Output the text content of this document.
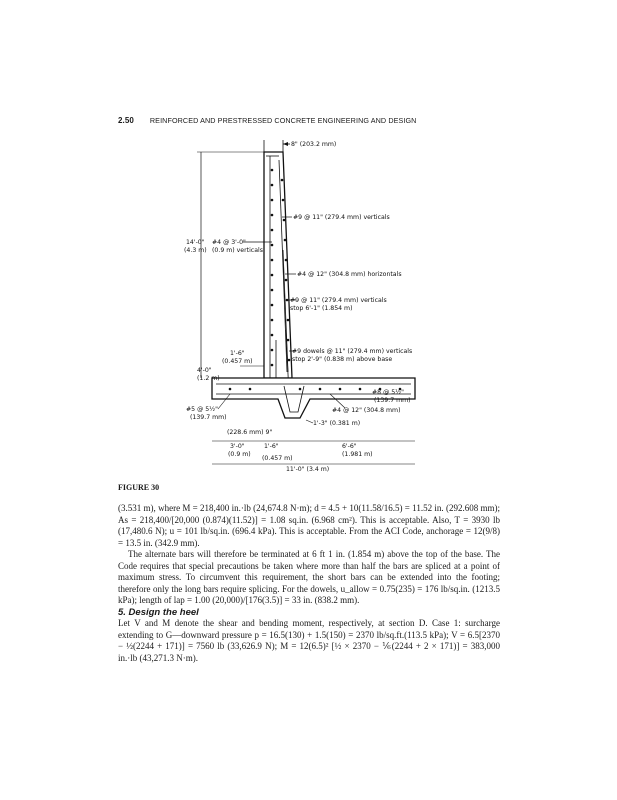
2.50 REINFORCED AND PRESTRESSED CONCRETE ENGINEERING AND DESIGN
8" (203.2 mm)
#9 @ 11" (279.4 mm) verticals
14'-0"
(4.3 m)
#4 @ 3'-0"
(0.9 m) verticals
#4 @ 12" (304.8 mm) horizontals
#9 @ 11" (279.4 mm) verticals
stop 6'-1" (1.854 m)
#9 dowels @ 11" (279.4 mm) verticals
stop 2'-9" (0.838 m) above base
1'-6"
(0.457 m)
4'-0"
(1.2 m)
#8 @ 5½"
(139.7 mm)
#5 @ 5½"
(139.7 mm)
#4 @ 12" (304.8 mm)
(228.6 mm) 9"
1'-3" (0.381 m)
3'-0"	1'-6"	6'-6"
(0.9 m)
(0.457 m)
(1.981 m)
11'-0" (3.4 m)
FIGURE 30

(3.531 m), where M = 218,400 in.·lb (24,674.8 N·m); d = 4.5 + 10(11.58/16.5) = 11.52 in. (292.608 mm); As = 218,400/[20,000 (0.874)(11.52)] = 1.08 sq.in. (6.968 cm²). This is acceptable. Also, T = 3930 lb (17,480.6 N); u = 101 lb/sq.in. (696.4 kPa). This is acceptable. From the ACI Code, anchorage = 12(9/8) = 13.5 in. (342.9 mm).

The alternate bars will therefore be terminated at 6 ft 1 in. (1.854 m) above the top of the base. The Code requires that special precautions be taken where more than half the bars are spliced at a point of maximum stress. To circumvent this requirement, the short bars can be extended into the footing; therefore only the long bars require splicing. For the dowels, u_allow = 0.75(235) = 176 lb/sq.in. (1213.5 kPa); length of lap = 1.00 (20,000)/[176(3.5)] = 33 in. (838.2 mm).

5. Design the heel

Let V and M denote the shear and bending moment, respectively, at section D. Case 1: surcharge extending to G—downward pressure p = 16.5(130) + 1.5(150) = 2370 lb/sq.ft.(113.5 kPa); V = 6.5[2370 − ½(2244 + 171)] = 7560 lb (33,626.9 N); M = 12(6.5)² [½ × 2370 − ⅙(2244 + 2 × 171)] = 383,000 in.·lb (43,271.3 N·m).
